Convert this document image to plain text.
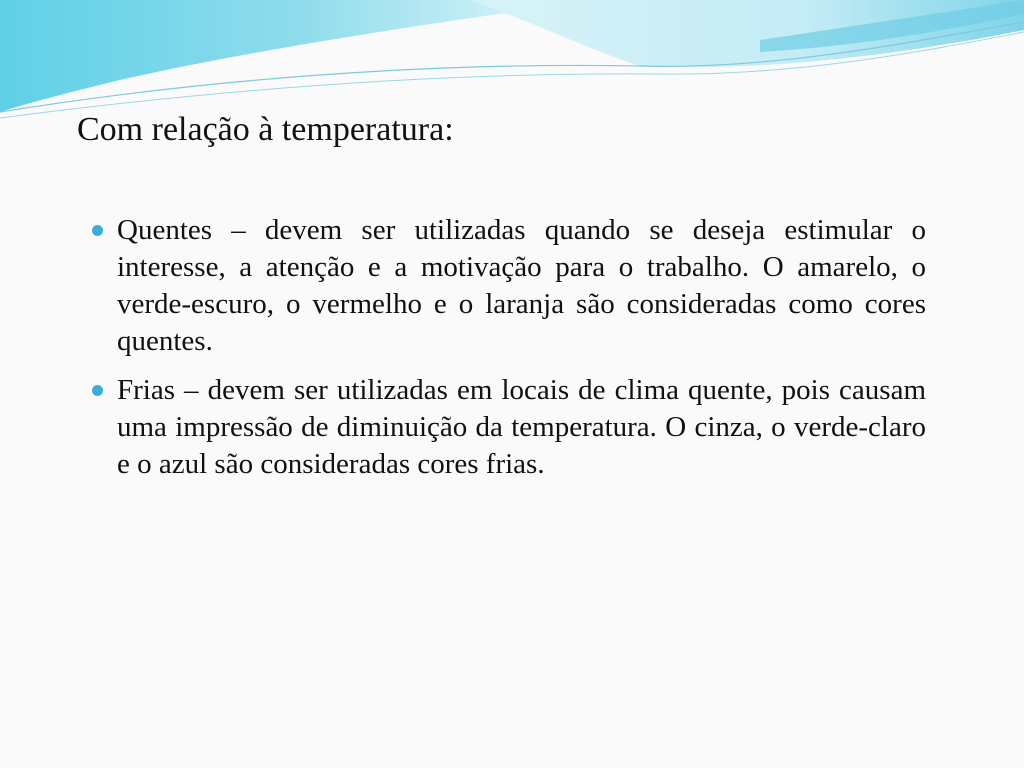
Com relação à temperatura:
Quentes – devem ser utilizadas quando se deseja estimular o interesse, a atenção e a motivação para o trabalho. O amarelo, o verde-escuro, o vermelho e o laranja são consideradas como cores quentes.
Frias – devem ser utilizadas em locais de clima quente, pois causam uma impressão de diminuição da temperatura. O cinza, o verde-claro e o azul são consideradas cores frias.
